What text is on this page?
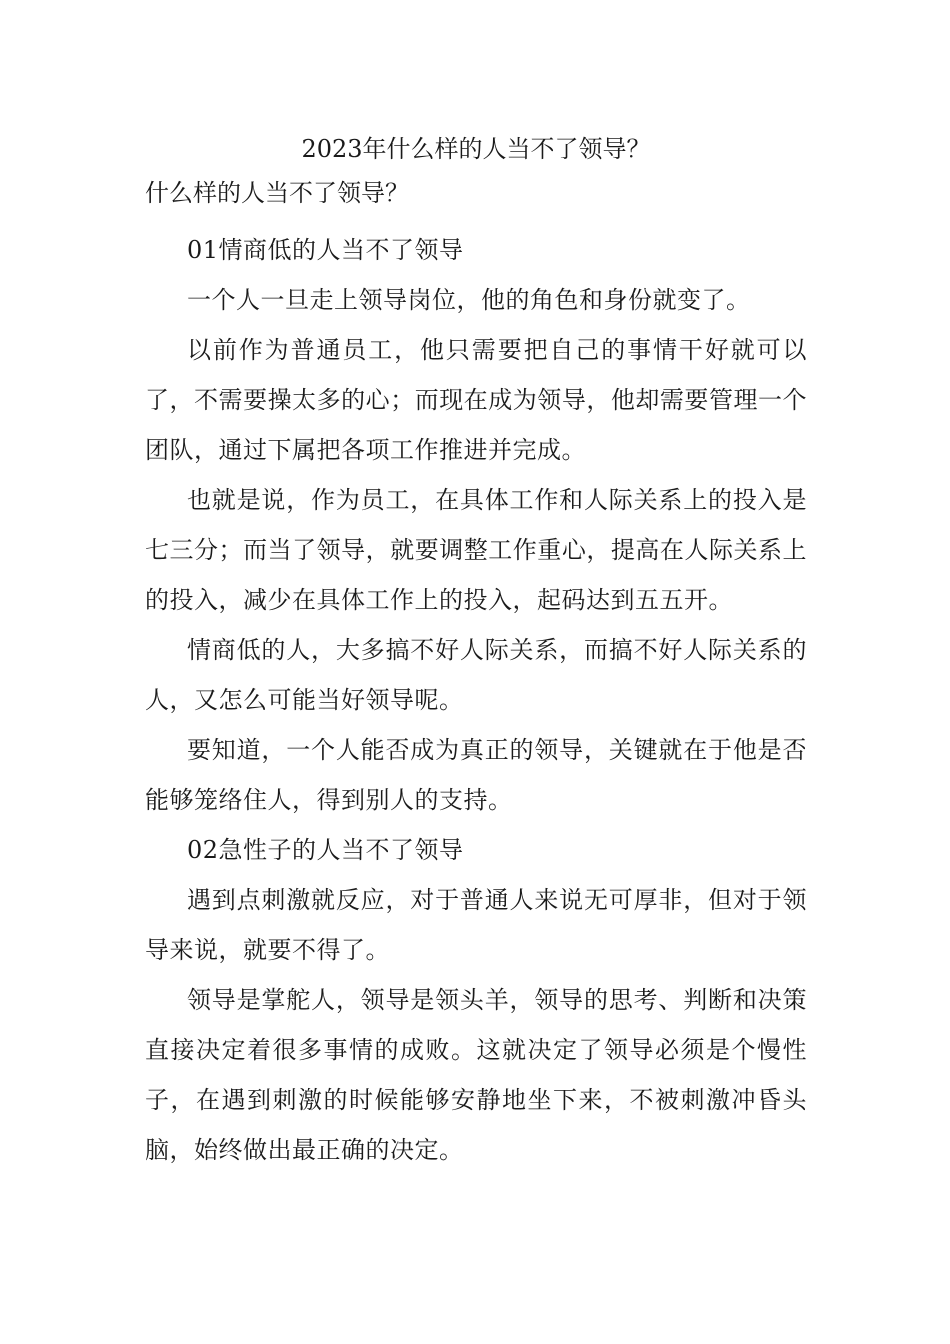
2023年什么样的人当不了领导？

什么样的人当不了领导？

01情商低的人当不了领导

一个人一旦走上领导岗位，他的角色和身份就变了。

以前作为普通员工，他只需要把自己的事情干好就可以了，不需要操太多的心；而现在成为领导，他却需要管理一个团队，通过下属把各项工作推进并完成。

也就是说，作为员工，在具体工作和人际关系上的投入是七三分；而当了领导，就要调整工作重心，提高在人际关系上的投入，减少在具体工作上的投入，起码达到五五开。

情商低的人，大多搞不好人际关系，而搞不好人际关系的人，又怎么可能当好领导呢。

要知道，一个人能否成为真正的领导，关键就在于他是否能够笼络住人，得到别人的支持。

02急性子的人当不了领导

遇到点刺激就反应，对于普通人来说无可厚非，但对于领导来说，就要不得了。

领导是掌舵人，领导是领头羊，领导的思考、判断和决策直接决定着很多事情的成败。这就决定了领导必须是个慢性子，在遇到刺激的时候能够安静地坐下来，不被刺激冲昏头脑，始终做出最正确的决定。
